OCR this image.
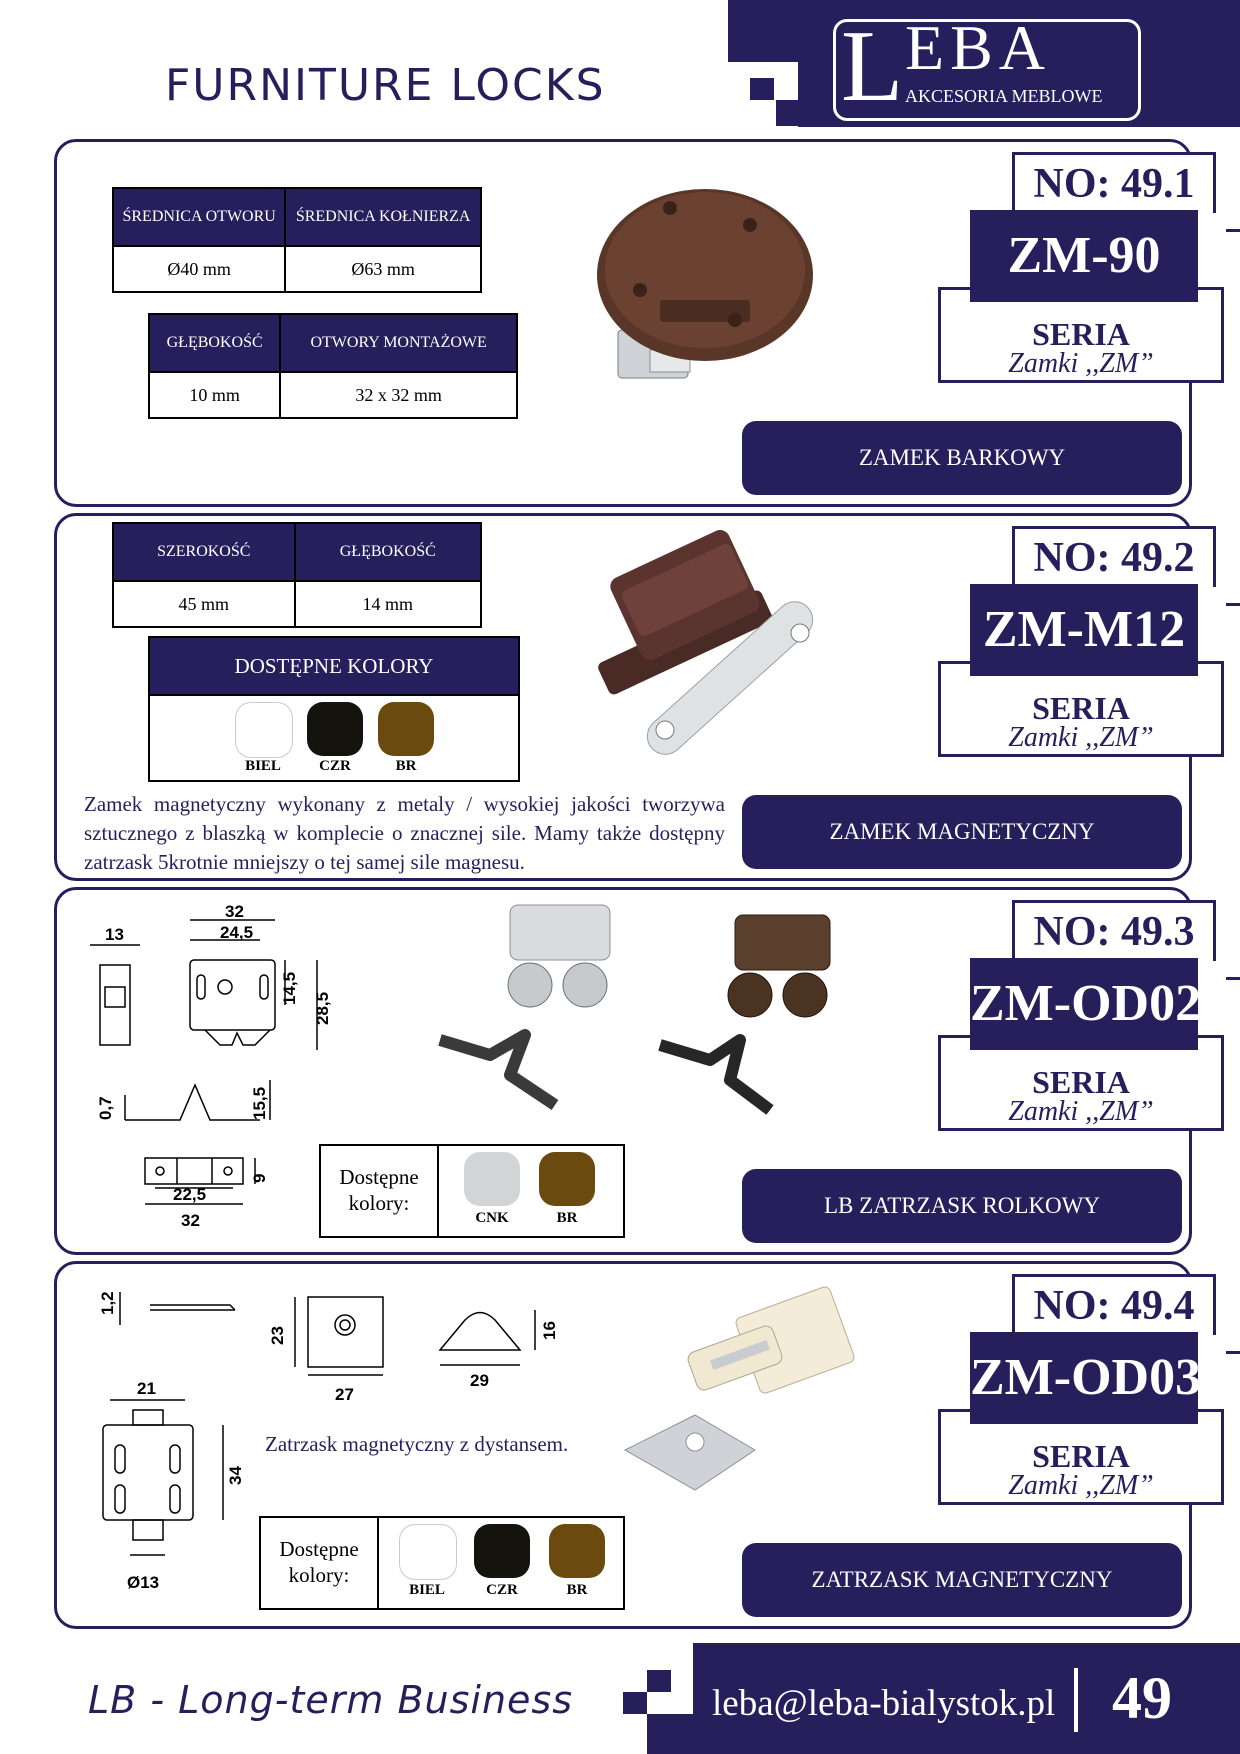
FURNITURE LOCKS L EBA
AKCESORIA MEBLOWE
NO: 49.1
ZM-90
SERIA
Zamki ,,ZM”
ZAMEK BARKOWY
ŚREDNICA OTWORU	ŚREDNICA KOŁNIERZA
Ø40 mm	Ø63 mm
GŁĘBOKOŚĆ	OTWORY MONTAŻOWE
10 mm	32 x 32 mm
NO: 49.2
ZM-M12
SERIA
Zamki ,,ZM”
ZAMEK MAGNETYCZNY
SZEROKOŚĆ	GŁĘBOKOŚĆ
45 mm	14 mm
DOSTĘPNE KOLORY
BIEL	CZR	BR
Zamek magnetyczny wykonany z metaly / wysokiej jakości tworzywa sztucznego z blaszką w komplecie o znacznej sile. Mamy także dostępny zatrzask 5krotnie mniejszy o tej samej sile magnesu.
NO: 49.3
ZM-OD02
SERIA
Zamki ,,ZM”
LB ZATRZASK ROLKOWY
32
24,5
13
14,5
28,5
0,7	15,5
9
22,5
32
Dostępne kolory:
CNK	BR
NO: 49.4
ZM-OD03
SERIA
Zamki ,,ZM”
ZATRZASK MAGNETYCZNY
1,2
23
27
16
29
21
34
Ø13
Zatrzask magnetyczny z dystansem.
Dostępne kolory:
BIEL	CZR	BR
LB - Long-term Business	leba@leba-bialystok.pl 49
